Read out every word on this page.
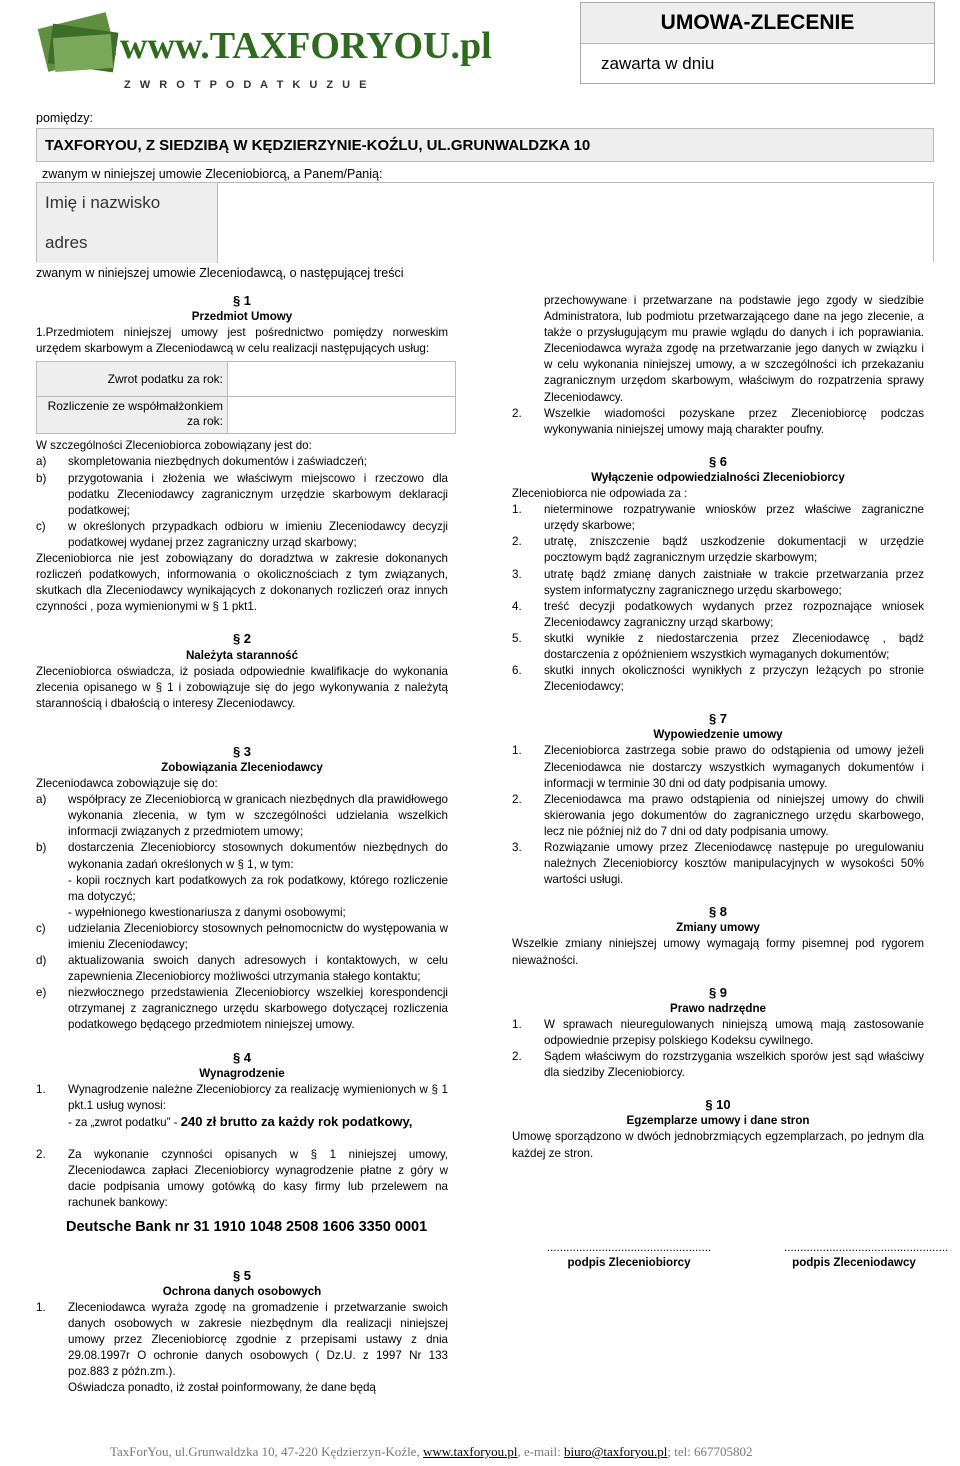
www.TAXFORYOU.pl
Z W R O T P O D A T K U Z U E
UMOWA-ZLECENIE
zawarta w dniu
pomiędzy:
TAXFORYOU, Z SIEDZIBĄ W KĘDZIERZYNIE-KOŹLU, UL.GRUNWALDZKA 10
zwanym w niniejszej umowie Zleceniobiorcą, a Panem/Panią:
Imię i nazwisko
adres
zwanym w niniejszej umowie Zleceniodawcą, o następującej treści
§ 1
Przedmiot Umowy

1.Przedmiotem niniejszej umowy jest pośrednictwo pomiędzy norweskim urzędem skarbowym a Zleceniodawcą w celu realizacji następujących usług:

Zwrot podatku za rok:
Rozliczenie ze współmałżonkiem
za rok:

W szczególności Zleceniobiorca zobowiązany jest do:

a)	skompletowania niezbędnych dokumentów i zaświadczeń;
b)	przygotowania i złożenia we właściwym miejscowo i rzeczowo dla podatku Zleceniodawcy zagranicznym urzędzie skarbowym deklaracji podatkowej;
c)	w określonych przypadkach odbioru w imieniu Zleceniodawcy decyzji podatkowej wydanej przez zagraniczny urząd skarbowy;

Zleceniobiorca nie jest zobowiązany do doradztwa w zakresie dokonanych rozliczeń podatkowych, informowania o okolicznościach z tym związanych, skutkach dla Zleceniodawcy wynikających z dokonanych rozliczeń oraz innych czynności , poza wymienionymi w § 1 pkt1.

§ 2
Należyta staranność

Zleceniobiorca oświadcza, iż posiada odpowiednie kwalifikacje do wykonania zlecenia opisanego w § 1 i zobowiązuje się do jego wykonywania z należytą starannością i dbałością o interesy Zleceniodawcy.

§ 3
Zobowiązania Zleceniodawcy

Zleceniodawca zobowiązuje się do:

a)	współpracy ze Zleceniobiorcą w granicach niezbędnych dla prawidłowego wykonania zlecenia, w tym w szczególności udzielania wszelkich informacji związanych z przedmiotem umowy;
b)	dostarczenia Zleceniobiorcy stosownych dokumentów niezbędnych do wykonania zadań określonych w § 1, w tym:
- kopii rocznych kart podatkowych za rok podatkowy, którego rozliczenie ma dotyczyć;
- wypełnionego kwestionariusza z danymi osobowymi;
c)	udzielania Zleceniobiorcy stosownych pełnomocnictw do występowania w imieniu Zleceniodawcy;
d)	aktualizowania swoich danych adresowych i kontaktowych, w celu zapewnienia Zleceniobiorcy możliwości utrzymania stałego kontaktu;
e)	niezwłocznego przedstawienia Zleceniobiorcy wszelkiej korespondencji otrzymanej z zagranicznego urzędu skarbowego dotyczącej rozliczenia podatkowego będącego przedmiotem niniejszej umowy.
§ 4
Wynagrodzenie
1.	Wynagrodzenie należne Zleceniobiorcy za realizację wymienionych w § 1 pkt.1 usług wynosi:
- za „zwrot podatku” - 240 zł brutto za każdy rok podatkowy,
2.	Za wykonanie czynności opisanych w § 1 niniejszej umowy, Zleceniodawca zapłaci Zleceniobiorcy wynagrodzenie płatne z góry w dacie podpisania umowy gotówką do kasy firmy lub przelewem na rachunek bankowy:
Deutsche Bank nr 31 1910 1048 2508 1606 3350 0001
§ 5
Ochrona danych osobowych
1.	Zleceniodawca wyraża zgodę na gromadzenie i przetwarzanie swoich danych osobowych w zakresie niezbędnym dla realizacji niniejszej umowy przez Zleceniobiorcę zgodnie z przepisami ustawy z dnia 29.08.1997r O ochronie danych osobowych ( Dz.U. z 1997 Nr 133 poz.883 z późn.zm.).
Oświadcza ponadto, iż został poinformowany, że dane będą
przechowywane i przetwarzane na podstawie jego zgody w siedzibie Administratora, lub podmiotu przetwarzającego dane na jego zlecenie, a także o przysługującym mu prawie wglądu do danych i ich poprawiania. Zleceniodawca wyraża zgodę na przetwarzanie jego danych w związku i w celu wykonania niniejszej umowy, a w szczególności ich przekazaniu zagranicznym urzędom skarbowym, właściwym do rozpatrzenia sprawy Zleceniodawcy.
2.	Wszelkie wiadomości pozyskane przez Zleceniobiorcę podczas wykonywania niniejszej umowy mają charakter poufny.
§ 6
Wyłączenie odpowiedzialności Zleceniobiorcy

Zleceniobiorca nie odpowiada za :

1.	nieterminowe rozpatrywanie wniosków przez właściwe zagraniczne urzędy skarbowe;
2.	utratę, zniszczenie bądź uszkodzenie dokumentacji w urzędzie pocztowym bądź zagranicznym urzędzie skarbowym;
3.	utratę bądź zmianę danych zaistniałe w trakcie przetwarzania przez system informatyczny zagranicznego urzędu skarbowego;
4.	treść decyzji podatkowych wydanych przez rozpoznające wniosek Zleceniodawcy zagraniczny urząd skarbowy;
5.	skutki wynikłe z niedostarczenia przez Zleceniodawcę , bądź dostarczenia z opóźnieniem wszystkich wymaganych dokumentów;
6.	skutki innych okoliczności wynikłych z przyczyn leżących po stronie Zleceniodawcy;
§ 7
Wypowiedzenie umowy
1.	Zleceniobiorca zastrzega sobie prawo do odstąpienia od umowy jeżeli Zleceniodawca nie dostarczy wszystkich wymaganych dokumentów i informacji w terminie 30 dni od daty podpisania umowy.
2.	Zleceniodawca ma prawo odstąpienia od niniejszej umowy do chwili skierowania jego dokumentów do zagranicznego urzędu skarbowego, lecz nie później niż do 7 dni od daty podpisania umowy.
3.	Rozwiązanie umowy przez Zleceniodawcę następuje po uregulowaniu należnych Zleceniobiorcy kosztów manipulacyjnych w wysokości 50% wartości usługi.
§ 8
Zmiany umowy

Wszelkie zmiany niniejszej umowy wymagają formy pisemnej pod rygorem nieważności.

§ 9
Prawo nadrzędne
1.	W sprawach nieuregulowanych niniejszą umową mają zastosowanie odpowiednie przepisy polskiego Kodeksu cywilnego.
2.	Sądem właściwym do rozstrzygania wszelkich sporów jest sąd właściwy dla siedziby Zleceniobiorcy.
§ 10
Egzemplarze umowy i dane stron

Umowę sporządzono w dwóch jednobrzmiących egzemplarzach, po jednym dla każdej ze stron.

...................................................
podpis Zleceniobiorcy
...................................................
podpis Zleceniodawcy
TaxForYou, ul.Grunwaldzka 10, 47-220 Kędzierzyn-Koźle, www.taxforyou.pl, e-mail: biuro@taxforyou.pl; tel: 667705802
